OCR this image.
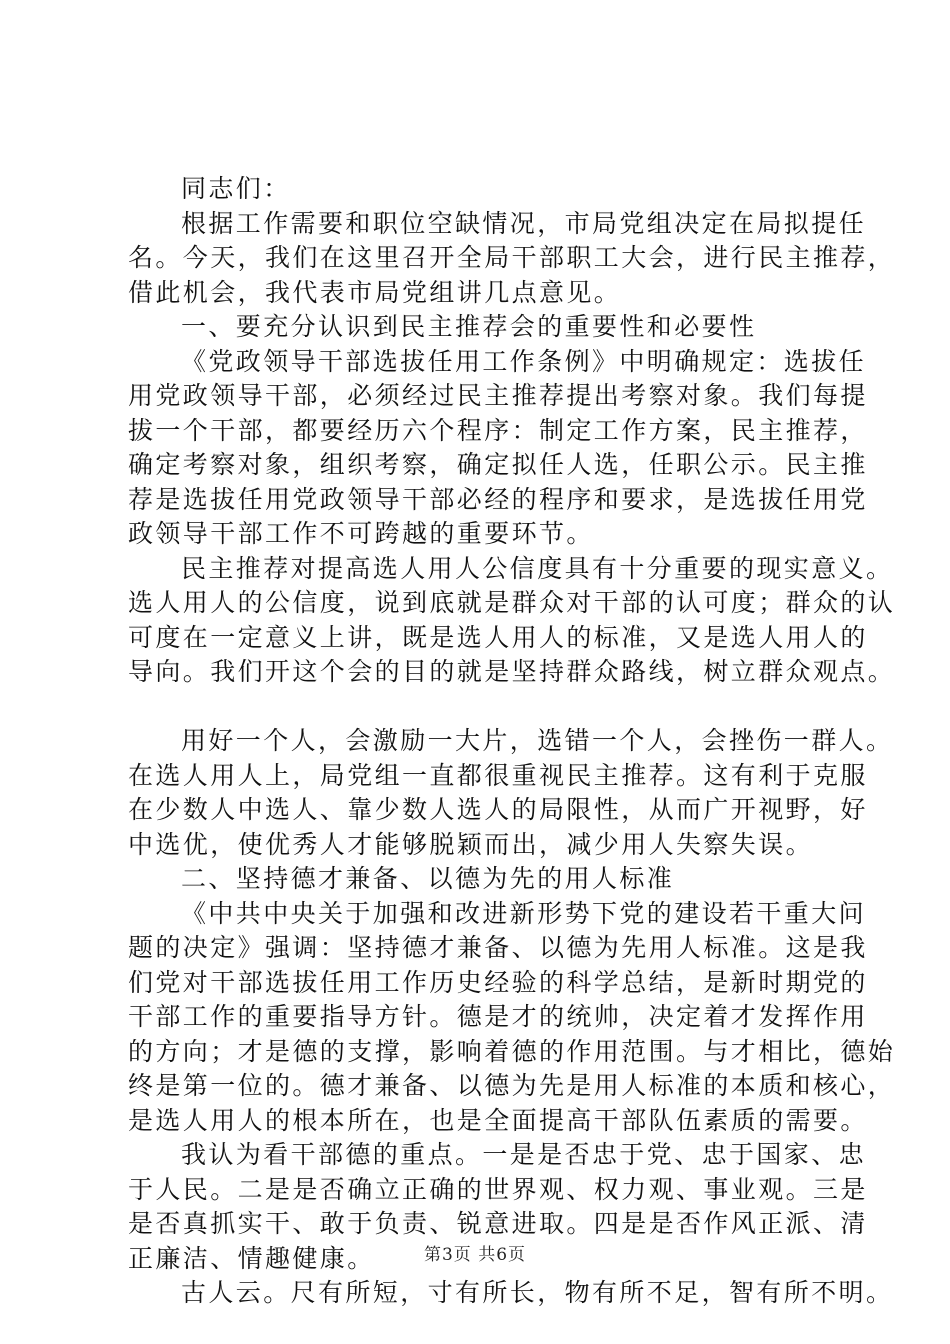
同志们：
根据工作需要和职位空缺情况，市局党组决定在局拟提任
名。今天，我们在这里召开全局干部职工大会，进行民主推荐，
借此机会，我代表市局党组讲几点意见。
一、要充分认识到民主推荐会的重要性和必要性
《党政领导干部选拔任用工作条例》中明确规定：选拔任
用党政领导干部，必须经过民主推荐提出考察对象。我们每提
拔一个干部，都要经历六个程序：制定工作方案，民主推荐，
确定考察对象，组织考察，确定拟任人选，任职公示。民主推
荐是选拔任用党政领导干部必经的程序和要求，是选拔任用党
政领导干部工作不可跨越的重要环节。
民主推荐对提高选人用人公信度具有十分重要的现实意义。
选人用人的公信度，说到底就是群众对干部的认可度；群众的认
可度在一定意义上讲，既是选人用人的标准，又是选人用人的
导向。我们开这个会的目的就是坚持群众路线，树立群众观点。
用好一个人，会激励一大片，选错一个人，会挫伤一群人。
在选人用人上，局党组一直都很重视民主推荐。这有利于克服
在少数人中选人、靠少数人选人的局限性，从而广开视野，好
中选优，使优秀人才能够脱颖而出，减少用人失察失误。
二、坚持德才兼备、以德为先的用人标准
《中共中央关于加强和改进新形势下党的建设若干重大问
题的决定》强调：坚持德才兼备、以德为先用人标准。这是我
们党对干部选拔任用工作历史经验的科学总结，是新时期党的
干部工作的重要指导方针。德是才的统帅，决定着才发挥作用
的方向；才是德的支撑，影响着德的作用范围。与才相比，德始
终是第一位的。德才兼备、以德为先是用人标准的本质和核心，
是选人用人的根本所在，也是全面提高干部队伍素质的需要。
我认为看干部德的重点。一是是否忠于党、忠于国家、忠
于人民。二是是否确立正确的世界观、权力观、事业观。三是
是否真抓实干、敢于负责、锐意进取。四是是否作风正派、清
正廉洁、情趣健康。
古人云。尺有所短，寸有所长，物有所不足，智有所不明。
第3页 共6页
